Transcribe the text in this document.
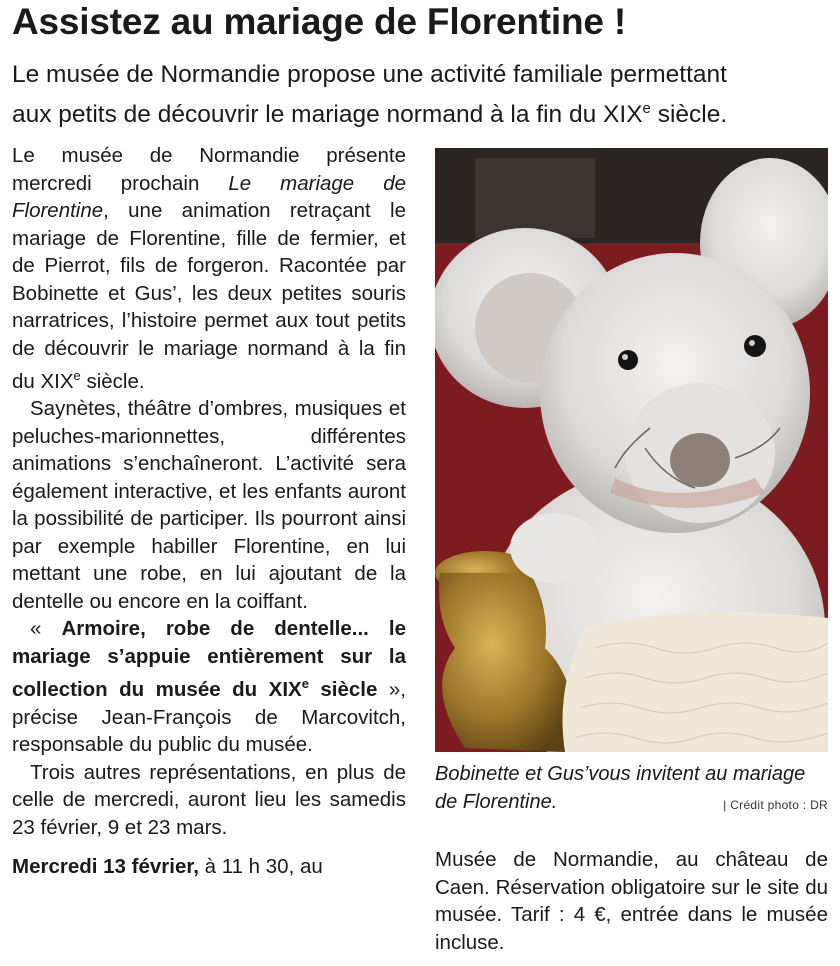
Assistez au mariage de Florentine !

Le musée de Normandie propose une activité familiale permettant
aux petits de découvrir le mariage normand à la fin du XIXe siècle.

Le musée de Normandie présente mercredi prochain Le mariage de Florentine, une animation retraçant le mariage de Florentine, fille de fermier, et de Pierrot, fils de forgeron. Racontée par Bobinette et Gus’, les deux petites souris narratrices, l’histoire permet aux tout petits de découvrir le mariage normand à la fin du XIXe siècle.

Saynètes, théâtre d’ombres, musiques et peluches-marionnettes, différentes animations s’enchaîneront. L’activité sera également interactive, et les enfants auront la possibilité de participer. Ils pourront ainsi par exemple habiller Florentine, en lui mettant une robe, en lui ajoutant de la dentelle ou encore en la coiffant.

« Armoire, robe de dentelle... le mariage s’appuie entièrement sur la collection du musée du XIXe siècle », précise Jean-François de Marcovitch, responsable du public du musée.

Trois autres représentations, en plus de celle de mercredi, auront lieu les samedis 23 février, 9 et 23 mars.

Mercredi 13 février, à 11 h 30, au

Bobinette et Gus’vous invitent au mariage de Florentine.	| Crédit photo : DR

Musée de Normandie, au château de Caen. Réservation obligatoire sur le site du musée. Tarif : 4 €, entrée dans le musée incluse.
